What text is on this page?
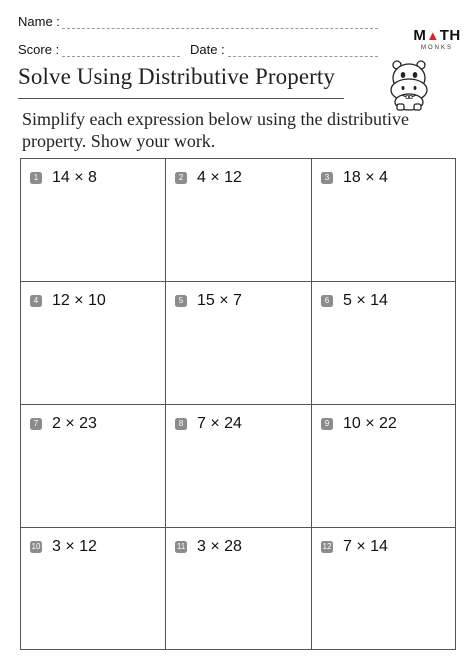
Name :
Score :	Date :
M▲TH
MONKS
Solve Using Distributive Property
Simplify each expression below using the distributive property. Show your work.
1 14 × 8	2 4 × 12	3 18 × 4
4 12 × 10	5 15 × 7	6 5 × 14
7 2 × 23	8 7 × 24	9 10 × 22
10 3 × 12	11 3 × 28	12 7 × 14
